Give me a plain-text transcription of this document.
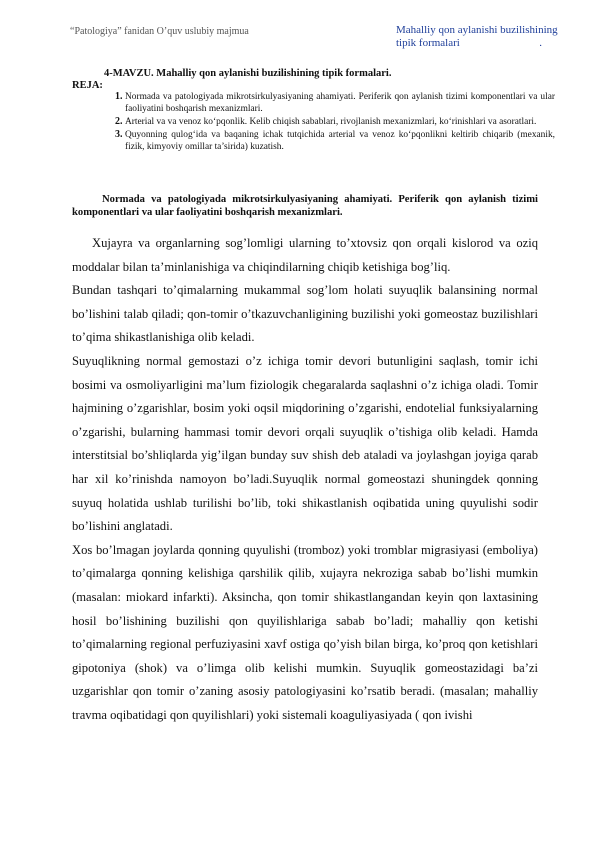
“Patologiya” fanidan O’quv uslubiy majmua	Mahalliy qon aylanishi buzilishining
tipik formalari	.
4-MAVZU. Mahalliy qon aylanishi buzilishining tipik formalari.
REJA:
1. Normada va patologiyada mikrotsirkulyasiyaning ahamiyati. Periferik qon aylanish tizimi komponentlari va ular faoliyatini boshqarish mexanizmlari.
2. Arterial va va venoz ko‘pqonlik. Kelib chiqish sabablari, rivojlanish mexanizmlari, ko‘rinishlari va asoratlari.
3. Quyonning qulog‘ida va baqaning ichak tutqichida arterial va venoz ko‘pqonlikni keltirib chiqarib (mexanik, fizik, kimyoviy omillar ta’sirida) kuzatish.
Normada va patologiyada mikrotsirkulyasiyaning ahamiyati. Periferik qon aylanish tizimi komponentlari va ular faoliyatini boshqarish mexanizmlari.

Xujayra va organlarning sog’lomligi ularning to’xtovsiz qon orqali kislorod va oziq moddalar bilan ta’minlanishiga va chiqindilarning chiqib ketishiga bog’liq.

Bundan tashqari to’qimalarning mukammal sog’lom holati suyuqlik balansining normal bo’lishini talab qiladi; qon-tomir o’tkazuvchanligining buzilishi yoki gomeostaz buzilishlari to’qima shikastlanishiga olib keladi.

Suyuqlikning normal gemostazi o’z ichiga tomir devori butunligini saqlash, tomir ichi bosimi va osmoliyarligini ma’lum fiziologik chegaralarda saqlashni o’z ichiga oladi. Tomir hajmining o’zgarishlar, bosim yoki oqsil miqdorining o’zgarishi, endotelial funksiyalarning o’zgarishi, bularning hammasi tomir devori orqali suyuqlik o’tishiga olib keladi. Hamda interstitsial bo’shliqlarda yig’ilgan bunday suv shish deb ataladi va joylashgan joyiga qarab har xil ko’rinishda namoyon bo’ladi.Suyuqlik normal gomeostazi shuningdek qonning suyuq holatida ushlab turilishi bo’lib, toki shikastlanish oqibatida uning quyulishi sodir bo’lishini anglatadi.

Xos bo’lmagan joylarda qonning quyulishi (tromboz) yoki tromblar migrasiyasi (emboliya) to’qimalarga qonning kelishiga qarshilik qilib, xujayra nekroziga sabab bo’lishi mumkin (masalan: miokard infarkti). Aksincha, qon tomir shikastlangandan keyin qon laxtasining hosil bo’lishining buzilishi qon quyilishlariga sabab bo’ladi; mahalliy qon ketishi to’qimalarning regional perfuziyasini xavf ostiga qo’yish bilan birga, ko’proq qon ketishlari gipotoniya (shok) va o’limga olib kelishi mumkin. Suyuqlik gomeostazidagi ba’zi uzgarishlar qon tomir o’zaning asosiy patologiyasini ko’rsatib beradi. (masalan; mahalliy travma oqibatidagi qon quyilishlari) yoki sistemali koaguliyasiyada ( qon ivishi
